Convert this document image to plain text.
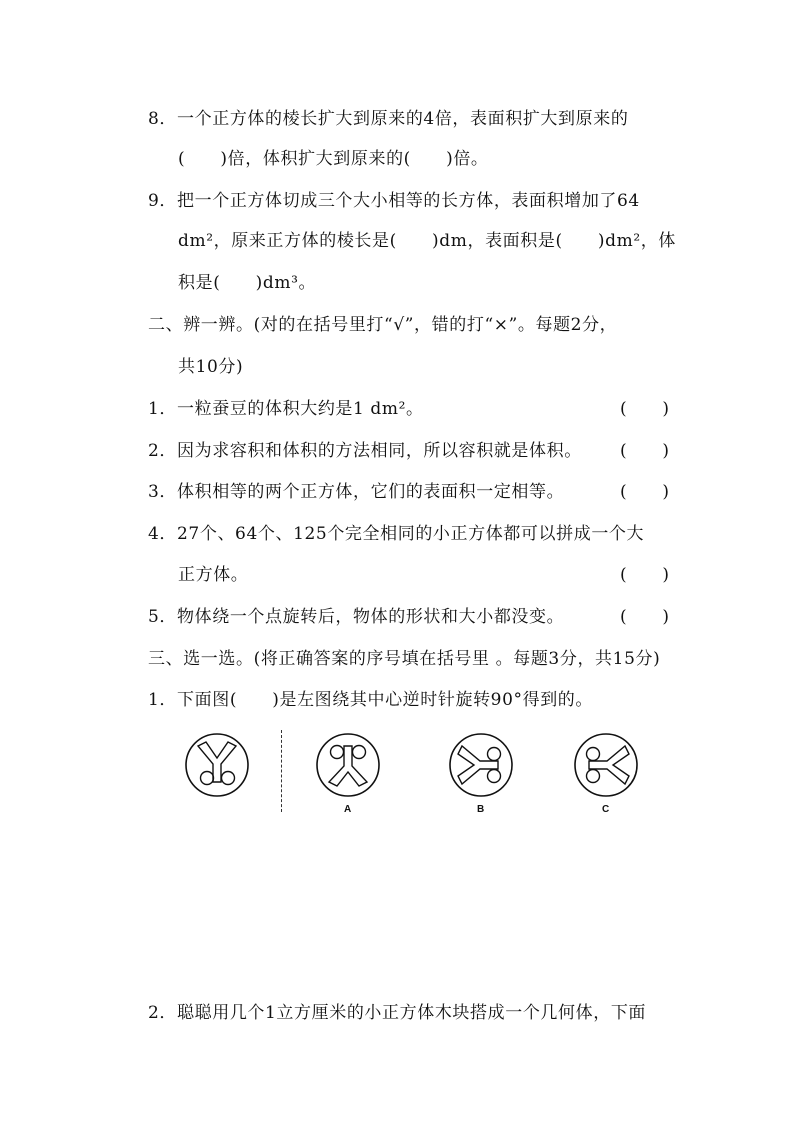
8．一个正方体的棱长扩大到原来的4倍，表面积扩大到原来的
(　　)倍，体积扩大到原来的(　　)倍。
9．把一个正方体切成三个大小相等的长方体，表面积增加了64
dm²，原来正方体的棱长是(　　)dm，表面积是(　　)dm²，体
积是(　　)dm³。
二、辨一辨。(对的在括号里打“√”，错的打“×”。每题2分，
共10分)
1．一粒蚕豆的体积大约是1 dm²。	(　　)
2．因为求容积和体积的方法相同，所以容积就是体积。 (　　)
3．体积相等的两个正方体，它们的表面积一定相等。	(　　)
4．27个、64个、125个完全相同的小正方体都可以拼成一个大
正方体。	(　　)
5．物体绕一个点旋转后，物体的形状和大小都没变。	(　　)
三、选一选。(将正确答案的序号填在括号里 。每题3分，共15分)
1．下面图(　　)是左图绕其中心逆时针旋转90°得到的。
A	B	C
2．聪聪用几个1立方厘米的小正方体木块搭成一个几何体，下面
